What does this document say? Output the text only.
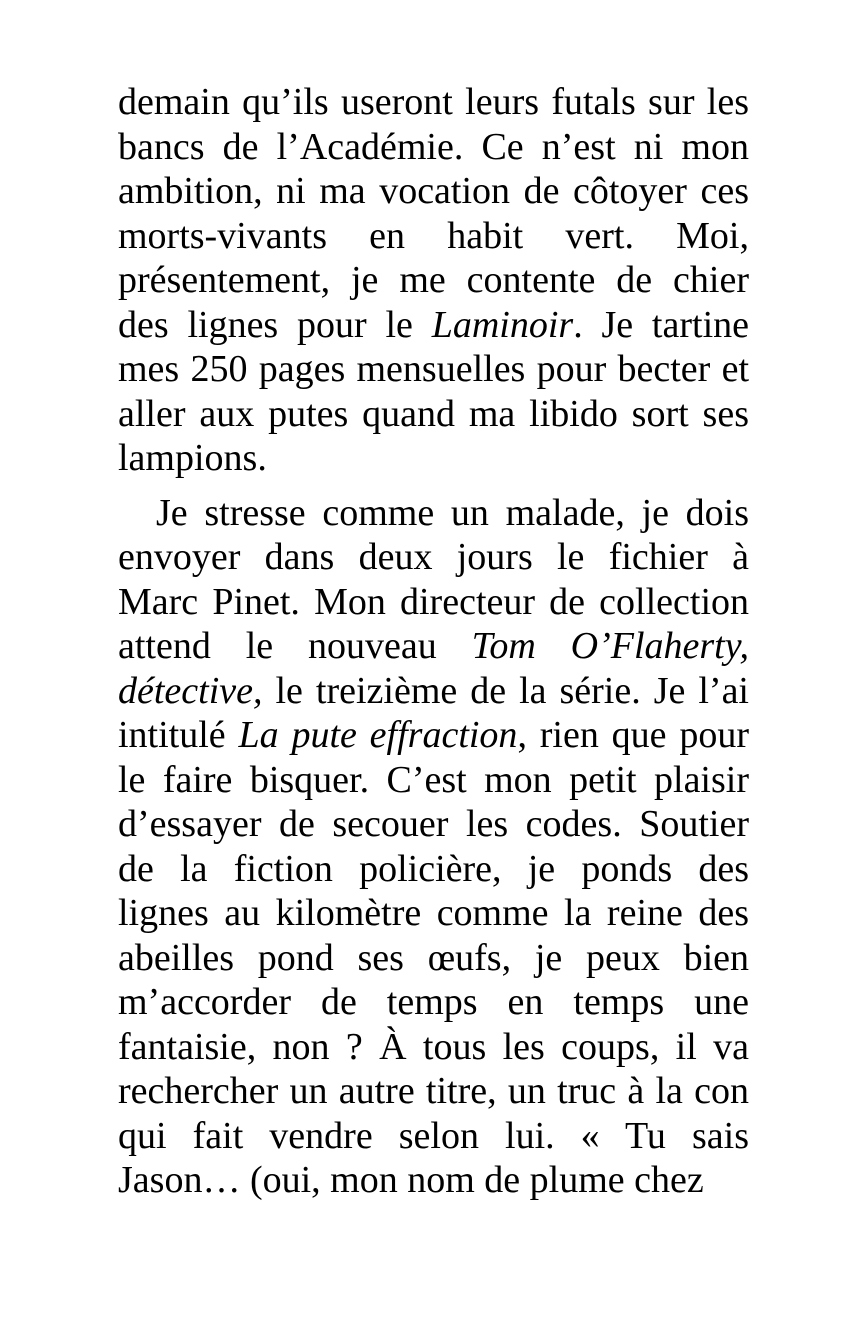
demain qu’ils useront leurs futals sur les bancs de l’Académie. Ce n’est ni mon ambition, ni ma vocation de côtoyer ces morts-vivants en habit vert. Moi, présentement, je me contente de chier des lignes pour le Laminoir. Je tartine mes 250 pages mensuelles pour becter et aller aux putes quand ma libido sort ses lampions.

Je stresse comme un malade, je dois envoyer dans deux jours le fichier à Marc Pinet. Mon directeur de collection attend le nouveau Tom O’Flaherty, détective, le treizième de la série. Je l’ai intitulé La pute effraction, rien que pour le faire bisquer. C’est mon petit plaisir d’essayer de secouer les codes. Soutier de la fiction policière, je ponds des lignes au kilomètre comme la reine des abeilles pond ses œufs, je peux bien m’accorder de temps en temps une fantaisie, non ? À tous les coups, il va rechercher un autre titre, un truc à la con qui fait vendre selon lui. « Tu sais Jason… (oui, mon nom de plume chez
